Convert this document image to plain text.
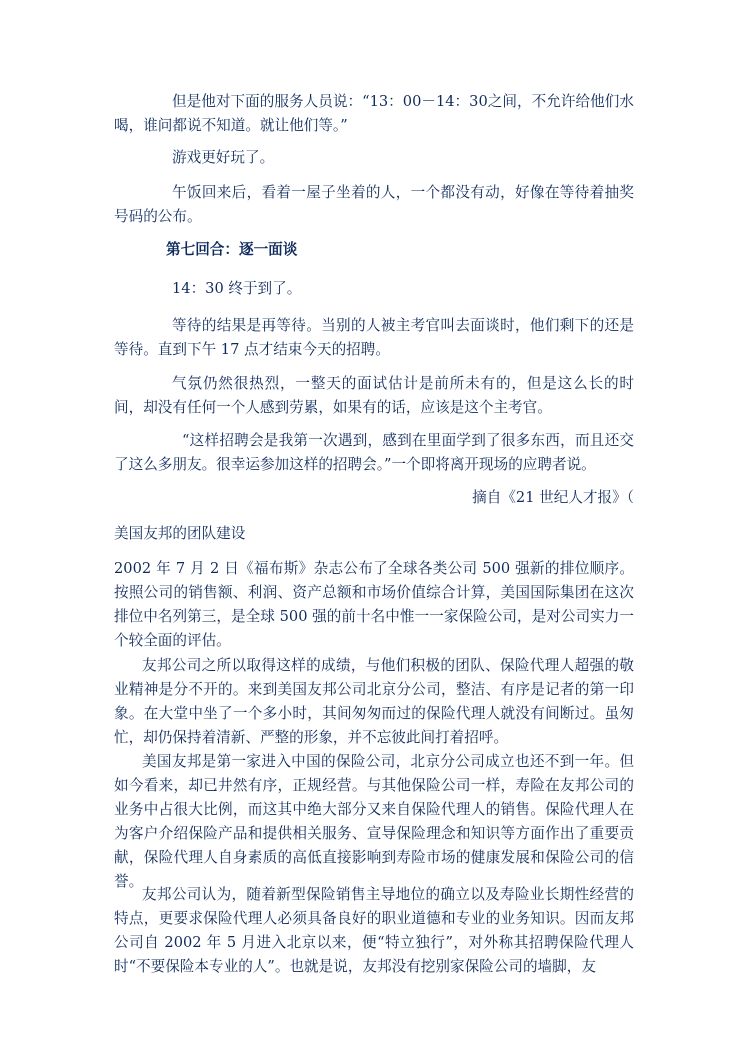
但是他对下面的服务人员说：“13：00－14：30之间，不允许给他们水喝，谁问都说不知道。就让他们等。”

游戏更好玩了。

午饭回来后，看着一屋子坐着的人，一个都没有动，好像在等待着抽奖号码的公布。

第七回合：逐一面谈

14：30 终于到了。

等待的结果是再等待。当别的人被主考官叫去面谈时，他们剩下的还是等待。直到下午 17 点才结束今天的招聘。

气氛仍然很热烈，一整天的面试估计是前所未有的，但是这么长的时间，却没有任何一个人感到劳累，如果有的话，应该是这个主考官。

“这样招聘会是我第一次遇到，感到在里面学到了很多东西，而且还交了这么多朋友。很幸运参加这样的招聘会。”一个即将离开现场的应聘者说。

摘自《21 世纪人才报》（

美国友邦的团队建设

2002 年 7 月 2 日《福布斯》杂志公布了全球各类公司 500 强新的排位顺序。按照公司的销售额、利润、资产总额和市场价值综合计算，美国国际集团在这次排位中名列第三，是全球 500 强的前十名中惟一一家保险公司，是对公司实力一个较全面的评估。

友邦公司之所以取得这样的成绩，与他们积极的团队、保险代理人超强的敬业精神是分不开的。来到美国友邦公司北京分公司，整洁、有序是记者的第一印象。在大堂中坐了一个多小时，其间匆匆而过的保险代理人就没有间断过。虽匆忙，却仍保持着清新、严整的形象，并不忘彼此间打着招呼。

美国友邦是第一家进入中国的保险公司，北京分公司成立也还不到一年。但如今看来，却已井然有序，正规经营。与其他保险公司一样，寿险在友邦公司的业务中占很大比例，而这其中绝大部分又来自保险代理人的销售。保险代理人在为客户介绍保险产品和提供相关服务、宣导保险理念和知识等方面作出了重要贡献，保险代理人自身素质的高低直接影响到寿险市场的健康发展和保险公司的信誉。

友邦公司认为，随着新型保险销售主导地位的确立以及寿险业长期性经营的特点，更要求保险代理人必须具备良好的职业道德和专业的业务知识。因而友邦公司自 2002 年 5 月进入北京以来，便“特立独行”，对外称其招聘保险代理人时“不要保险本专业的人”。也就是说，友邦没有挖别家保险公司的墙脚，友
